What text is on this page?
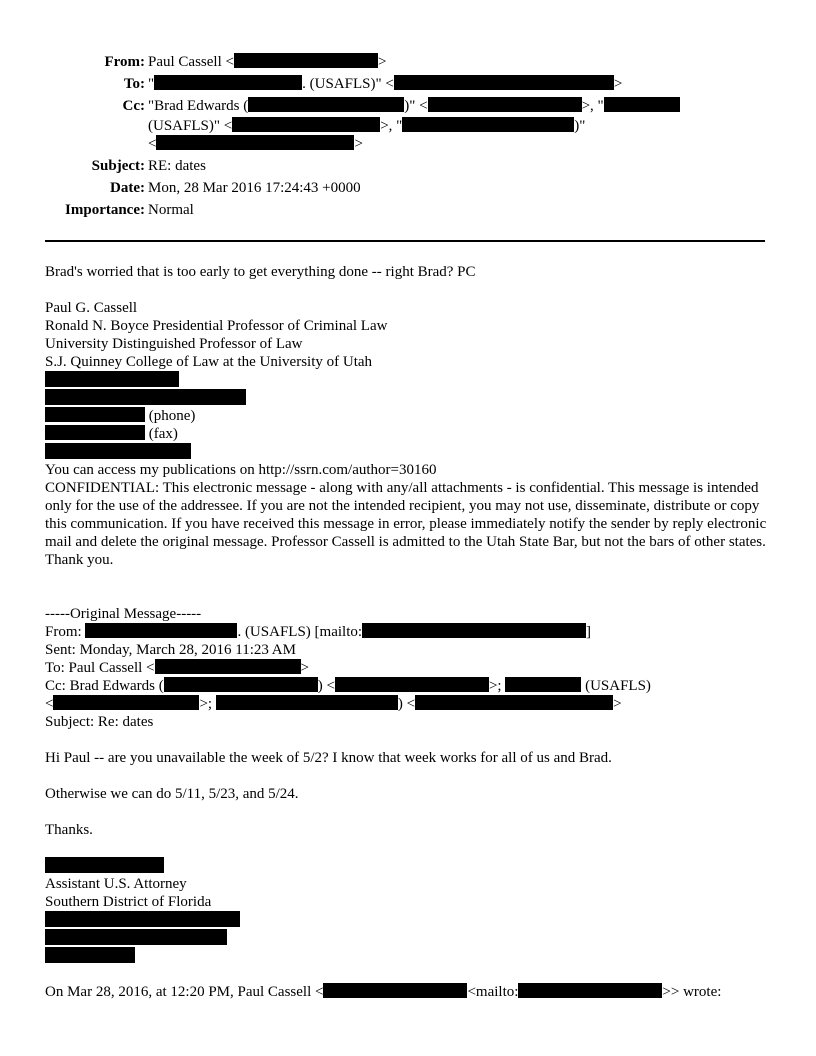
From: Paul Cassell <	>
To: "	. (USAFLS)" <	>
Cc: "Brad Edwards (	)" <	>, "
(USAFLS)" <	>, "	)"
<	>
Subject: RE: dates
Date: Mon, 28 Mar 2016 17:24:43 +0000
Importance: Normal
Brad's worried that is too early to get everything done -- right Brad? PC
Paul G. Cassell
Ronald N. Boyce Presidential Professor of Criminal Law
University Distinguished Professor of Law
S.J. Quinney College of Law at the University of Utah
(phone)
(fax)
You can access my publications on http://ssrn.com/author=30160
CONFIDENTIAL: This electronic message - along with any/all attachments - is confidential. This message is intended only for the use of the addressee. If you are not the intended recipient, you may not use, disseminate, distribute or copy this communication. If you have received this message in error, please immediately notify the sender by reply electronic mail and delete the original message. Professor Cassell is admitted to the Utah State Bar, but not the bars of other states. Thank you.
-----Original Message-----
From:	. (USAFLS) [mailto:	]
Sent: Monday, March 28, 2016 11:23 AM
To: Paul Cassell <	>
Cc: Brad Edwards (	) <	>;	(USAFLS)
<	>;	) <	>
Subject: Re: dates
Hi Paul -- are you unavailable the week of 5/2? I know that week works for all of us and Brad.
Otherwise we can do 5/11, 5/23, and 5/24.
Thanks.
Assistant U.S. Attorney
Southern District of Florida
On Mar 28, 2016, at 12:20 PM, Paul Cassell <	<mailto:	>> wrote:
